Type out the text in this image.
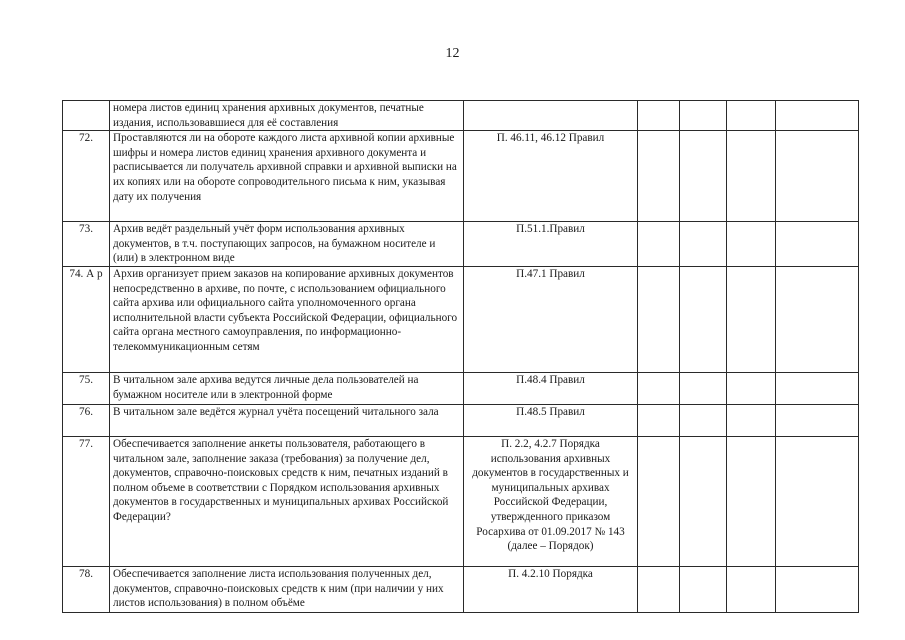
12
	номера листов единиц хранения архивных документов, печатные издания, использовавшиеся для её составления					
72.	Проставляются ли на обороте каждого листа архивной копии архивные шифры и номера листов единиц хранения архивного документа и расписывается ли получатель архивной справки и архивной выписки на их копиях или на обороте сопроводительного письма к ним, указывая дату их получения	П. 46.11, 46.12 Правил				
73.	Архив ведёт раздельный учёт форм использования архивных документов, в т.ч. поступающих запросов, на бумажном носителе и (или) в электронном виде	П.51.1.Правил				
74. А р	Архив организует прием заказов на копирование архивных документов непосредственно в архиве, по почте, с использованием официального сайта архива или официального сайта уполномоченного органа исполнительной власти субъекта Российской Федерации, официального сайта органа местного самоуправления, по информационно-телекоммуникационным сетям	П.47.1 Правил				
75.	В читальном зале архива ведутся личные дела пользователей на бумажном носителе или в электронной форме	П.48.4 Правил				
76.	В читальном зале ведётся журнал учёта посещений читального зала	П.48.5 Правил				
77.	Обеспечивается заполнение анкеты пользователя, работающего в читальном зале, заполнение заказа (требования) за получение дел, документов, справочно-поисковых средств к ним, печатных изданий в полном объеме в соответствии с Порядком использования архивных документов в государственных и муниципальных архивах Российской Федерации?	П. 2.2, 4.2.7 Порядка использования архивных документов в государственных и муниципальных архивах Российской Федерации, утвержденного приказом Росархива от 01.09.2017 № 143 (далее – Порядок)				
78.	Обеспечивается заполнение листа использования полученных дел, документов, справочно-поисковых средств к ним (при наличии у них листов использования) в полном объёме	П. 4.2.10 Порядка				
